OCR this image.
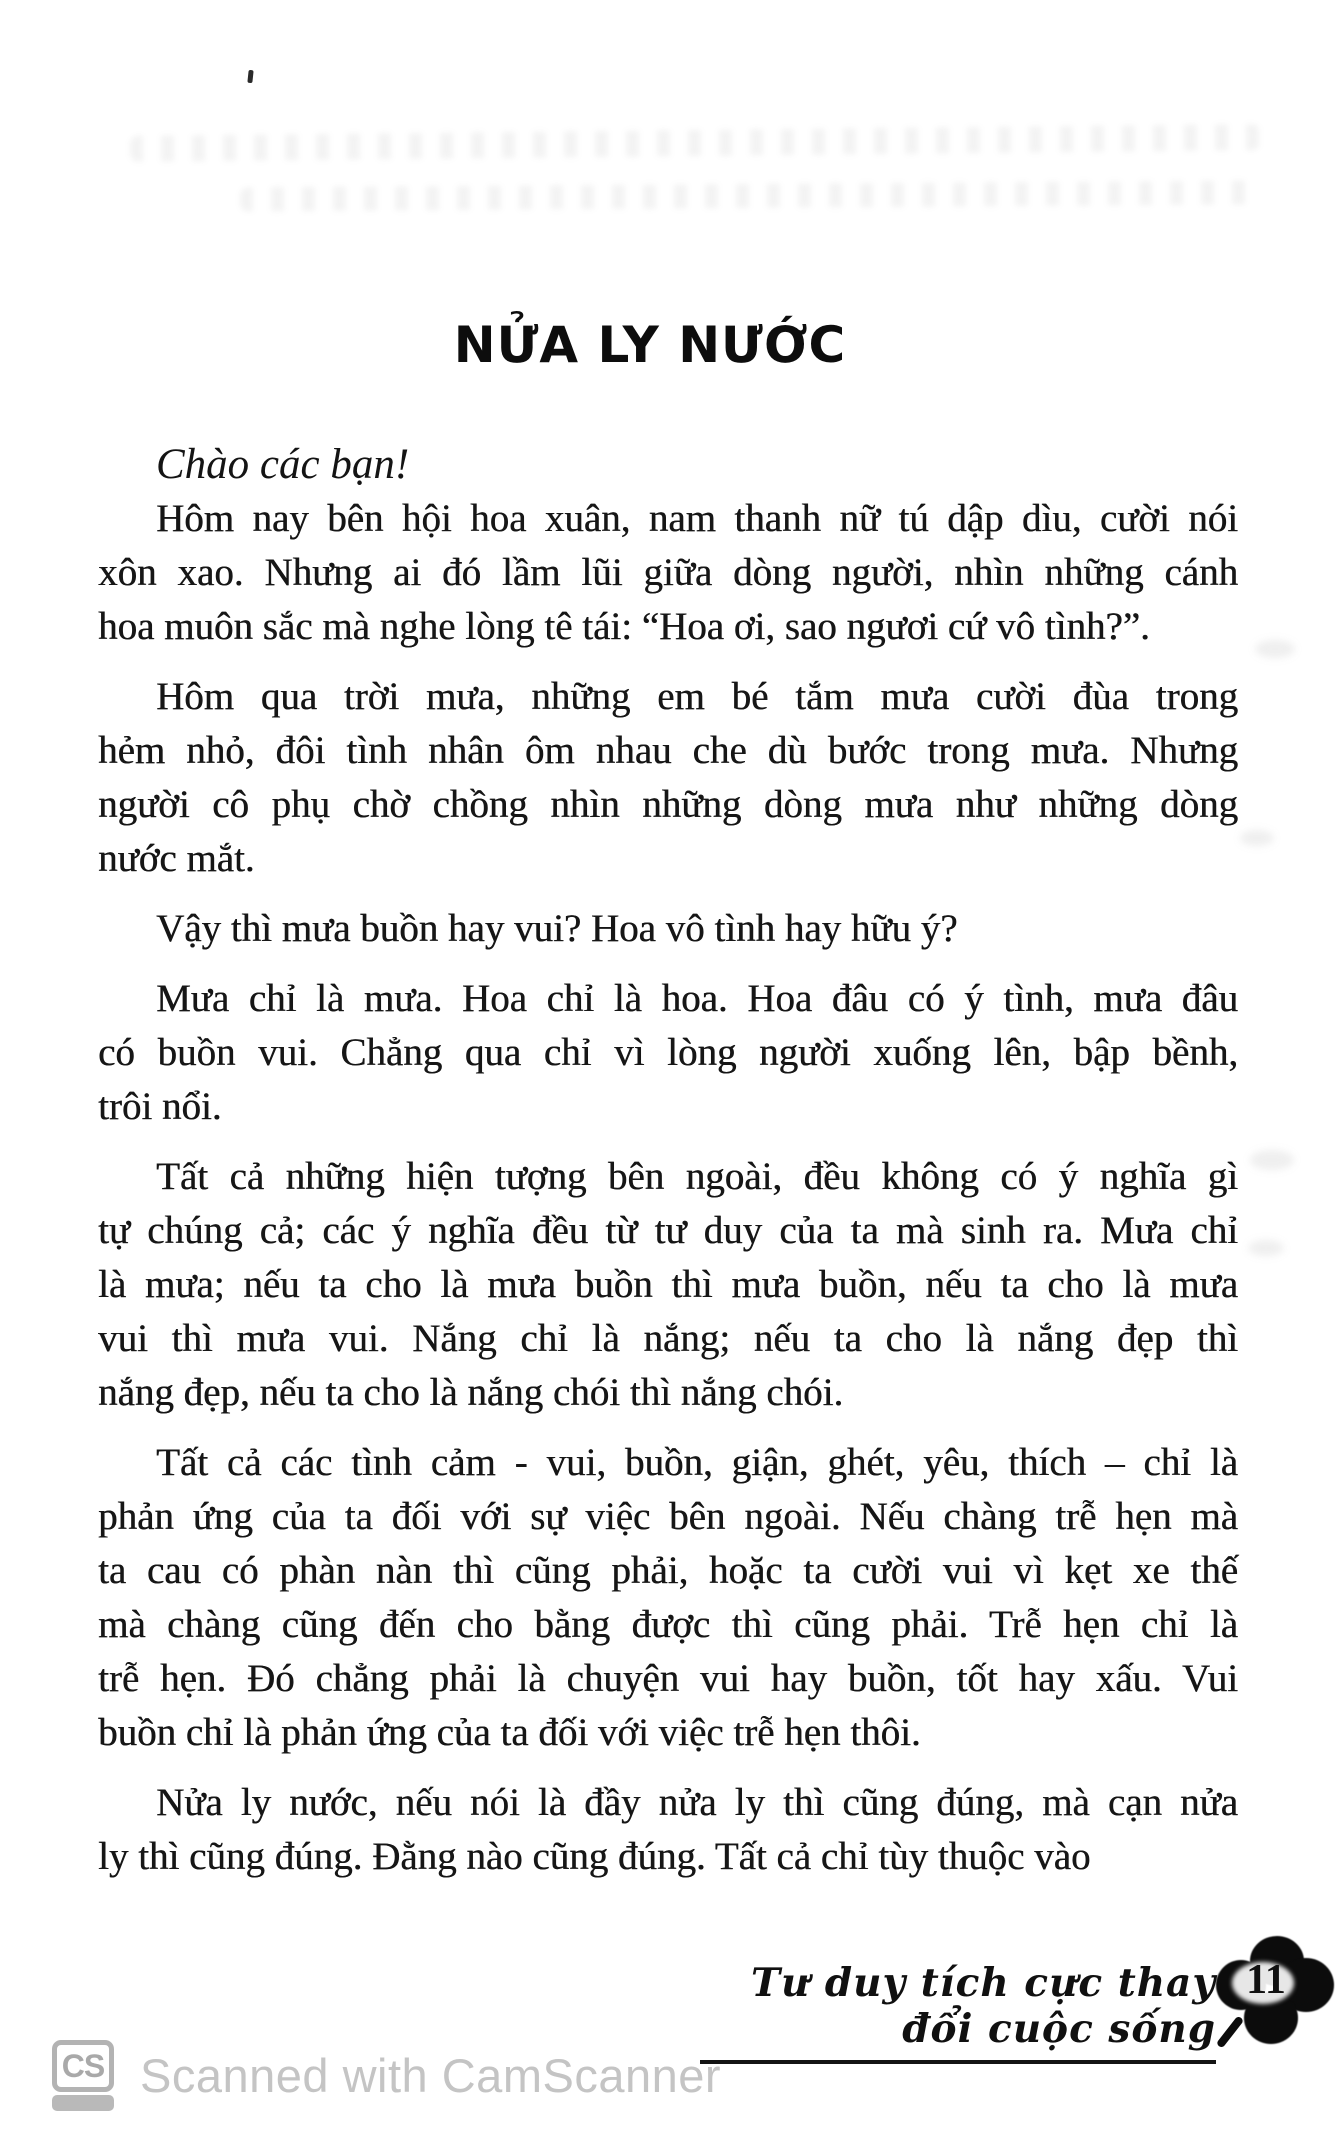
NỬA LY NƯỚC
Chào các bạn!
Hôm nay bên hội hoa xuân, nam thanh nữ tú dập dìu, cười nói
xôn xao. Nhưng ai đó lầm lũi giữa dòng người, nhìn những cánh
hoa muôn sắc mà nghe lòng tê tái: “Hoa ơi, sao ngươi cứ vô tình?”.
Hôm qua trời mưa, những em bé tắm mưa cười đùa trong
hẻm nhỏ, đôi tình nhân ôm nhau che dù bước trong mưa. Nhưng
người cô phụ chờ chồng nhìn những dòng mưa như những dòng
nước mắt.
Vậy thì mưa buồn hay vui? Hoa vô tình hay hữu ý?
Mưa chỉ là mưa. Hoa chỉ là hoa. Hoa đâu có ý tình, mưa đâu
có buồn vui. Chẳng qua chỉ vì lòng người xuống lên, bập bềnh,
trôi nổi.
Tất cả những hiện tượng bên ngoài, đều không có ý nghĩa gì
tự chúng cả; các ý nghĩa đều từ tư duy của ta mà sinh ra. Mưa chỉ
là mưa; nếu ta cho là mưa buồn thì mưa buồn, nếu ta cho là mưa
vui thì mưa vui. Nắng chỉ là nắng; nếu ta cho là nắng đẹp thì
nắng đẹp, nếu ta cho là nắng chói thì nắng chói.
Tất cả các tình cảm - vui, buồn, giận, ghét, yêu, thích – chỉ là
phản ứng của ta đối với sự việc bên ngoài. Nếu chàng trễ hẹn mà
ta cau có phàn nàn thì cũng phải, hoặc ta cười vui vì kẹt xe thế
mà chàng cũng đến cho bằng được thì cũng phải. Trễ hẹn chỉ là
trễ hẹn. Đó chẳng phải là chuyện vui hay buồn, tốt hay xấu. Vui
buồn chỉ là phản ứng của ta đối với việc trễ hẹn thôi.
Nửa ly nước, nếu nói là đầy nửa ly thì cũng đúng, mà cạn nửa
ly thì cũng đúng. Đằng nào cũng đúng. Tất cả chỉ tùy thuộc vào
Tư duy tích cực thay đổi cuộc sống
11
CS Scanned with CamScanner
